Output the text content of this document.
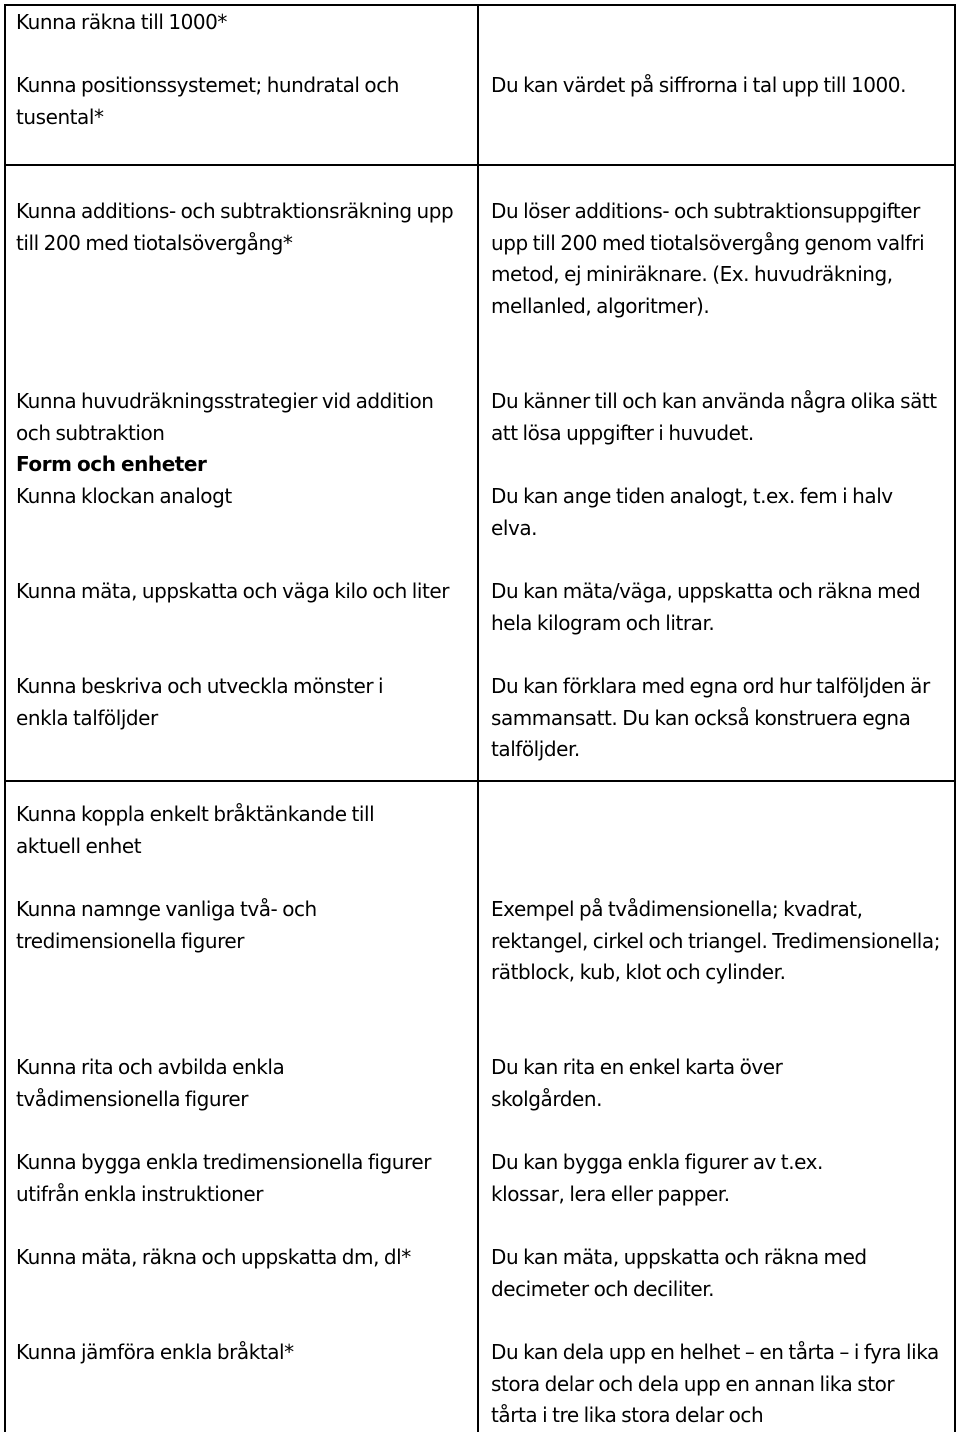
Kunna räkna till 1000*

Kunna positionssystemet; hundratal och tusental*

Du kan värdet på siffrorna i tal upp till 1000.

Kunna additions- och subtraktionsräkning upp till 200 med tiotalsövergång*

Kunna huvudräkningsstrategier vid addition och subtraktion

Form och enheter

Kunna klockan analogt

Kunna mäta, uppskatta och väga kilo och liter

Kunna beskriva och utveckla mönster i enkla talföljder

Du löser additions- och subtraktionsuppgifter upp till 200 med tiotalsövergång genom valfri metod, ej miniräknare. (Ex. huvudräkning, mellanled, algoritmer).

Du känner till och kan använda några olika sätt att lösa uppgifter i huvudet.

Du kan ange tiden analogt, t.ex. fem i halv elva.

Du kan mäta/väga, uppskatta och räkna med hela kilogram och litrar.

Du kan förklara med egna ord hur talföljden är sammansatt. Du kan också konstruera egna talföljder.

Kunna koppla enkelt bråktänkande till aktuell enhet

Kunna namnge vanliga två- och tredimensionella figurer

Kunna rita och avbilda enkla tvådimensionella figurer

Kunna bygga enkla tredimensionella figurer utifrån enkla instruktioner

Kunna mäta, räkna och uppskatta dm, dl*

Kunna jämföra enkla bråktal*

Exempel på tvådimensionella; kvadrat, rektangel, cirkel och triangel. Tredimensionella; rätblock, kub, klot och cylinder.

Du kan rita en enkel karta över skolgården.

Du kan bygga enkla figurer av t.ex. klossar, lera eller papper.

Du kan mäta, uppskatta och räkna med decimeter och deciliter.

Du kan dela upp en helhet – en tårta – i fyra lika stora delar och dela upp en annan lika stor tårta i tre lika stora delar och
